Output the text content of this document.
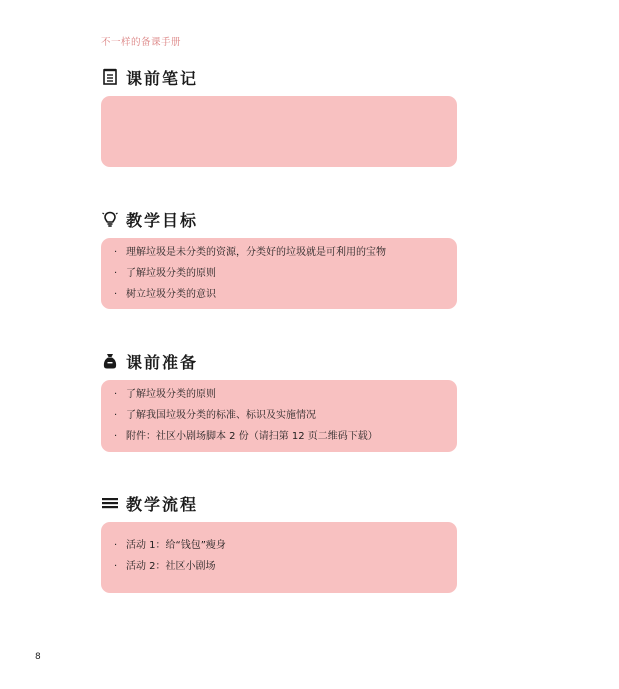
不一样的备课手册
课前笔记
教学目标
· 理解垃圾是未分类的资源，分类好的垃圾就是可利用的宝物
· 了解垃圾分类的原则
· 树立垃圾分类的意识
课前准备
· 了解垃圾分类的原则
· 了解我国垃圾分类的标准、标识及实施情况
· 附件：社区小剧场脚本 2 份（请扫第 12 页二维码下载）
教学流程
· 活动 1：给“钱包”瘦身
· 活动 2：社区小剧场
8
